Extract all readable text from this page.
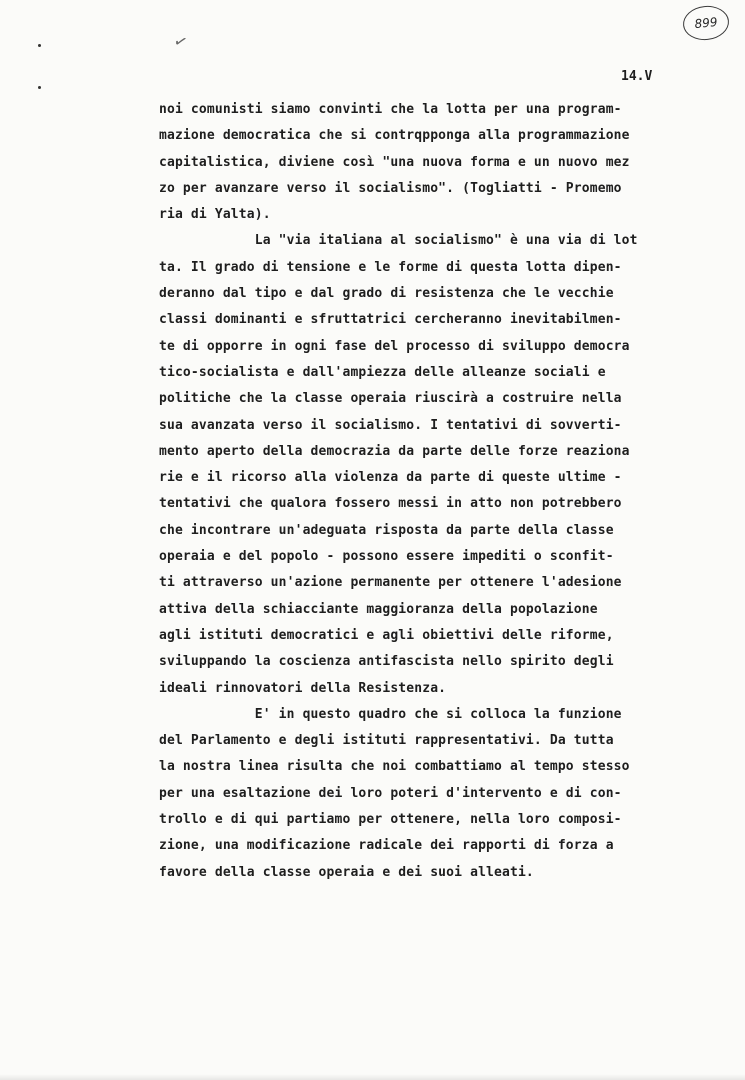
899
✓
14.V
noi comunisti siamo convinti che la lotta per una program-
mazione democratica che si contrqpponga alla programmazione
capitalistica, diviene così "una nuova forma e un nuovo mez
zo per avanzare verso il socialismo". (Togliatti - Promemo
ria di Yalta).
La "via italiana al socialismo" è una via di lot
ta. Il grado di tensione e le forme di questa lotta dipen-
deranno dal tipo e dal grado di resistenza che le vecchie
classi dominanti e sfruttatrici cercheranno inevitabilmen-
te di opporre in ogni fase del processo di sviluppo democra
tico-socialista e dall'ampiezza delle alleanze sociali e
politiche che la classe operaia riuscirà a costruire nella
sua avanzata verso il socialismo. I tentativi di sovverti-
mento aperto della democrazia da parte delle forze reaziona
rie e il ricorso alla violenza da parte di queste ultime -
tentativi che qualora fossero messi in atto non potrebbero
che incontrare un'adeguata risposta da parte della classe
operaia e del popolo - possono essere impediti o sconfit-
ti attraverso un'azione permanente per ottenere l'adesione
attiva della schiacciante maggioranza della popolazione
agli istituti democratici e agli obiettivi delle riforme,
sviluppando la coscienza antifascista nello spirito degli
ideali rinnovatori della Resistenza.
E' in questo quadro che si colloca la funzione
del Parlamento e degli istituti rappresentativi. Da tutta
la nostra linea risulta che noi combattiamo al tempo stesso
per una esaltazione dei loro poteri d'intervento e di con-
trollo e di qui partiamo per ottenere, nella loro composi-
zione, una modificazione radicale dei rapporti di forza a
favore della classe operaia e dei suoi alleati.
